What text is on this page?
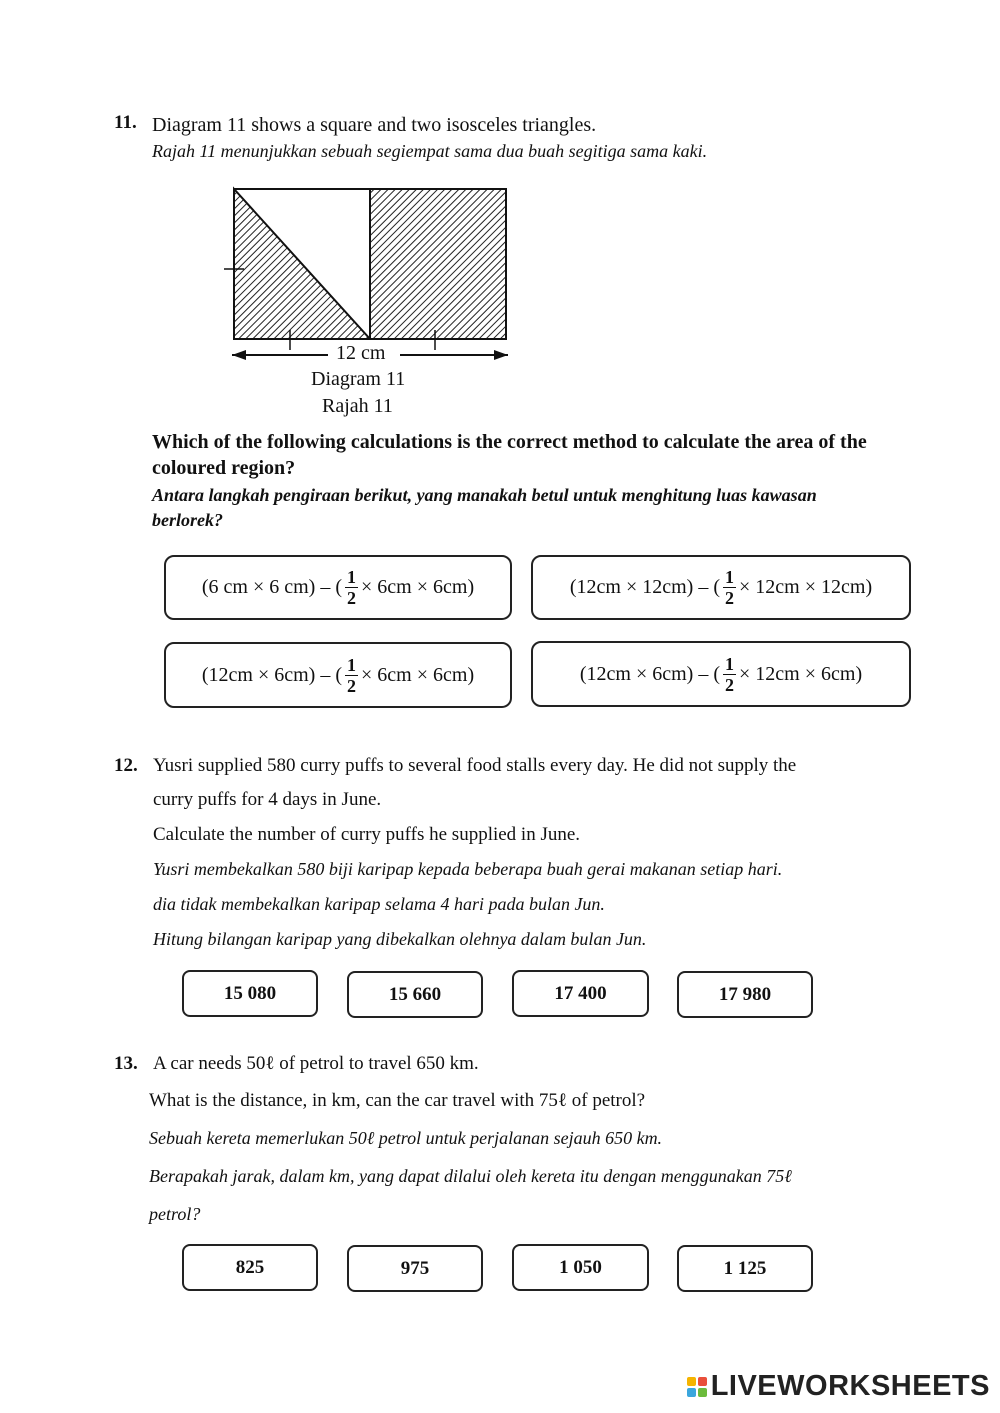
11. Diagram 11 shows a square and two isosceles triangles.
Rajah 11 menunjukkan sebuah segiempat sama dua buah segitiga sama kaki.
12 cm
Diagram 11
Rajah 11
Which of the following calculations is the correct method to calculate the area of the
coloured region?
Antara langkah pengiraan berikut, yang manakah betul untuk menghitung luas kawasan
berlorek?
(6 cm × 6 cm) – ( $\frac{1}{2} \times 6cm \times 6cm$)	(12cm × 12cm) – ( $\frac{1}{2} \times 12cm \times 12cm$)
(12cm × 6cm) – ( $\frac{1}{2} \times 6cm \times 6cm$)	(12cm × 6cm) – ( $\frac{1}{2} \times 12cm \times 6cm$)
12. Yusri supplied 580 curry puffs to several food stalls every day. He did not supply the
curry puffs for 4 days in June.
Calculate the number of curry puffs he supplied in June.
Yusri membekalkan 580 biji karipap kepada beberapa buah gerai makanan setiap hari.
dia tidak membekalkan karipap selama 4 hari pada bulan Jun.
Hitung bilangan karipap yang dibekalkan olehnya dalam bulan Jun.
15 080	15 660	17 400	17 980
13. A car needs 50ℓ of petrol to travel 650 km.
What is the distance, in km, can the car travel with 75ℓ of petrol?
Sebuah kereta memerlukan 50ℓ petrol untuk perjalanan sejauh 650 km.
Berapakah jarak, dalam km, yang dapat dilalui oleh kereta itu dengan menggunakan 75ℓ
petrol?
825	975	1 050	1 125
LIVEWORKSHEETS
